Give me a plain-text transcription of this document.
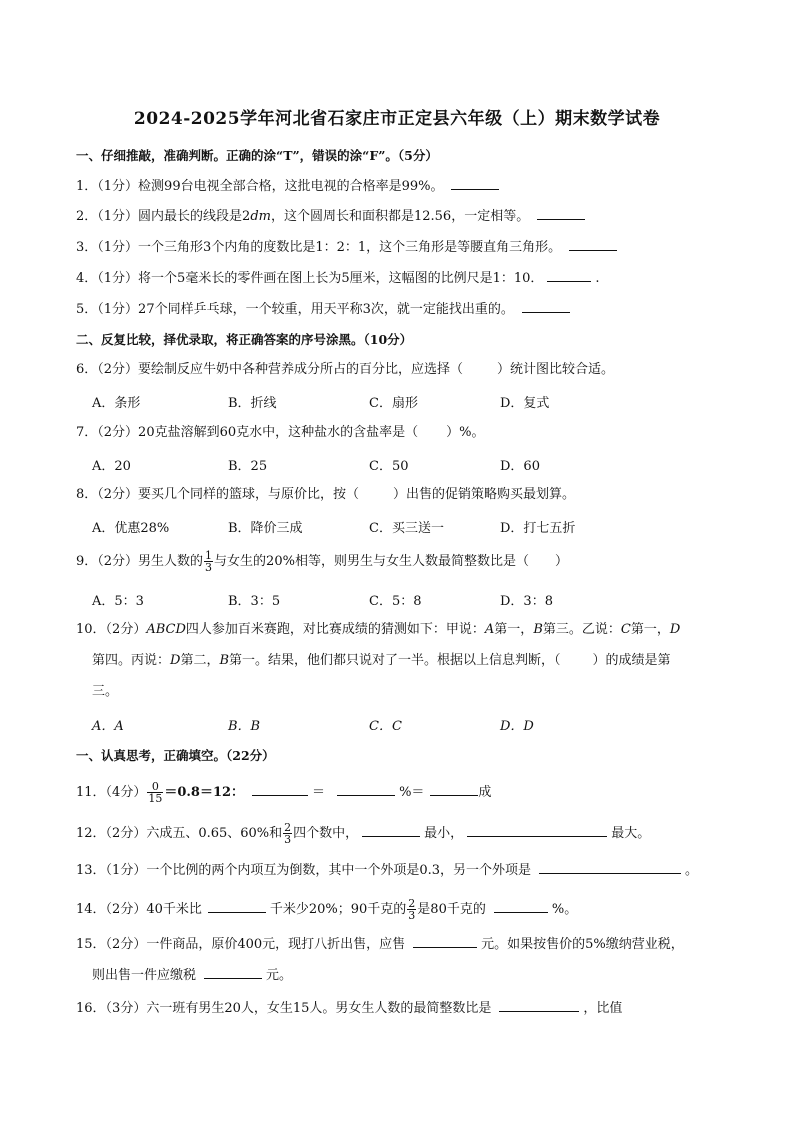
2024-2025学年河北省石家庄市正定县六年级（上）期末数学试卷
一、仔细推敲，准确判断。正确的涂“T”，错误的涂“F”。（5分）
1．（1分）检测99台电视全部合格，这批电视的合格率是99%。
2．（1分）圆内最长的线段是2dm，这个圆周长和面积都是12.56，一定相等。
3．（1分）一个三角形3个内角的度数比是1：2：1，这个三角形是等腰直角三角形。
4．（1分）将一个5毫米长的零件画在图上长为5厘米，这幅图的比例尺是1：10．	.
5．（1分）27个同样乒乓球，一个较重，用天平称3次，就一定能找出重的。
二、反复比较，择优录取，将正确答案的序号涂黑。（10分）
6．（2分）要绘制反应牛奶中各种营养成分所占的百分比，应选择（	）统计图比较合适。
A．条形	B．折线	C．扇形	D．复式
7．（2分）20克盐溶解到60克水中，这种盐水的含盐率是（ ）%。
A．20	B．25	C．50	D．60
8．（2分）要买几个同样的篮球，与原价比，按（	）出售的促销策略购买最划算。
A．优惠28%	B．降价三成	C．买三送一	D．打七五折
9．（2分）男生人数的 $\frac{1}{3}$ 与女生的20%相等，则男生与女生人数最简整数比是（ ）
A．5：3	B．3：5	C．5：8	D．3：8
10．（2分）ABCD四人参加百米赛跑，对比赛成绩的猜测如下：甲说：A第一，B第三。乙说：C第一，D
第四。丙说：D第二，B第一。结果，他们都只说对了一半。根据以上信息判断，（ ）的成绩是第
三。
A．A	B．B	C．C	D．D
一、认真思考，正确填空。（22分）
11．（4分） $\frac{0}{15} =0.8=12$：	＝	%＝	成
12．（2分）六成五、0.65、60%和 $\frac{2}{3}$ 四个数中，	最小，	最大。
13．（1分）一个比例的两个内项互为倒数，其中一个外项是0.3，另一个外项是	。
14．（2分）40千米比	千米少20%；90千克的 $\frac{2}{3}$ 是80千克的	%。
15．（2分）一件商品，原价400元，现打八折出售，应售	元。如果按售价的5%缴纳营业税，
则出售一件应缴税	元。
16．（3分）六一班有男生20人，女生15人。男女生人数的最简整数比是	，比值
